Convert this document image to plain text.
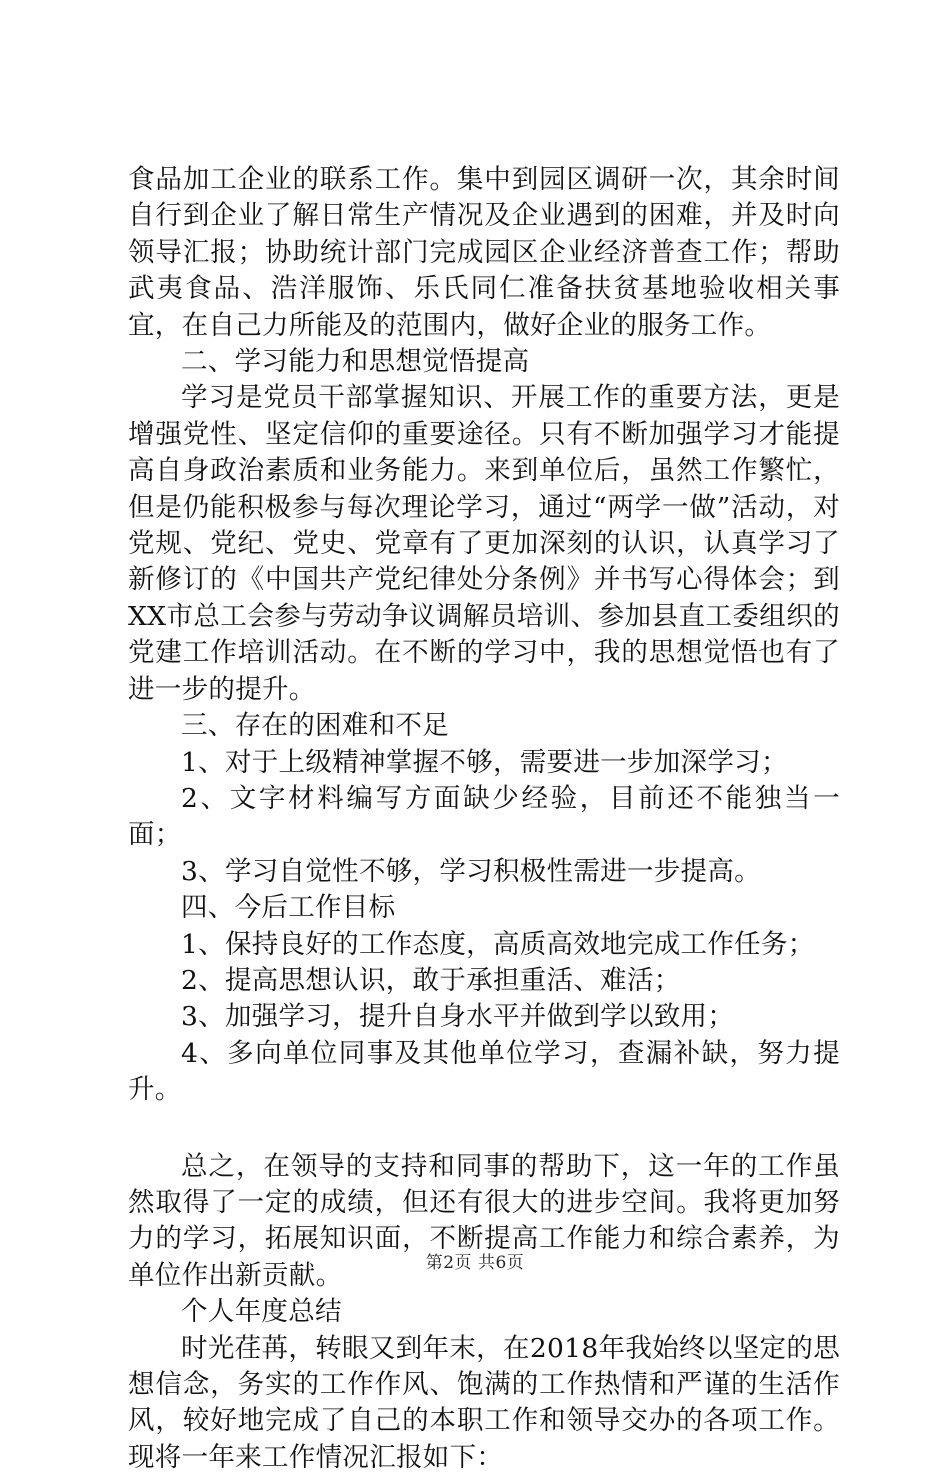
食品加工企业的联系工作。集中到园区调研一次，其余时间自行到企业了解日常生产情况及企业遇到的困难，并及时向领导汇报；协助统计部门完成园区企业经济普查工作；帮助武夷食品、浩洋服饰、乐氏同仁准备扶贫基地验收相关事宜，在自己力所能及的范围内，做好企业的服务工作。

二、学习能力和思想觉悟提高

学习是党员干部掌握知识、开展工作的重要方法，更是增强党性、坚定信仰的重要途径。只有不断加强学习才能提高自身政治素质和业务能力。来到单位后，虽然工作繁忙，但是仍能积极参与每次理论学习，通过“两学一做”活动，对党规、党纪、党史、党章有了更加深刻的认识，认真学习了新修订的《中国共产党纪律处分条例》并书写心得体会；到XX市总工会参与劳动争议调解员培训、参加县直工委组织的党建工作培训活动。在不断的学习中，我的思想觉悟也有了进一步的提升。

三、存在的困难和不足

1、对于上级精神掌握不够，需要进一步加深学习；

2、文字材料编写方面缺少经验，目前还不能独当一面；

3、学习自觉性不够，学习积极性需进一步提高。

四、今后工作目标

1、保持良好的工作态度，高质高效地完成工作任务；

2、提高思想认识，敢于承担重活、难活；

3、加强学习，提升自身水平并做到学以致用；

4、多向单位同事及其他单位学习，查漏补缺，努力提升。

总之，在领导的支持和同事的帮助下，这一年的工作虽然取得了一定的成绩，但还有很大的进步空间。我将更加努力的学习，拓展知识面，不断提高工作能力和综合素养，为单位作出新贡献。

个人年度总结

时光荏苒，转眼又到年末，在2018年我始终以坚定的思想信念，务实的工作作风、饱满的工作热情和严谨的生活作风，较好地完成了自己的本职工作和领导交办的各项工作。现将一年来工作情况汇报如下：

第2页 共6页
